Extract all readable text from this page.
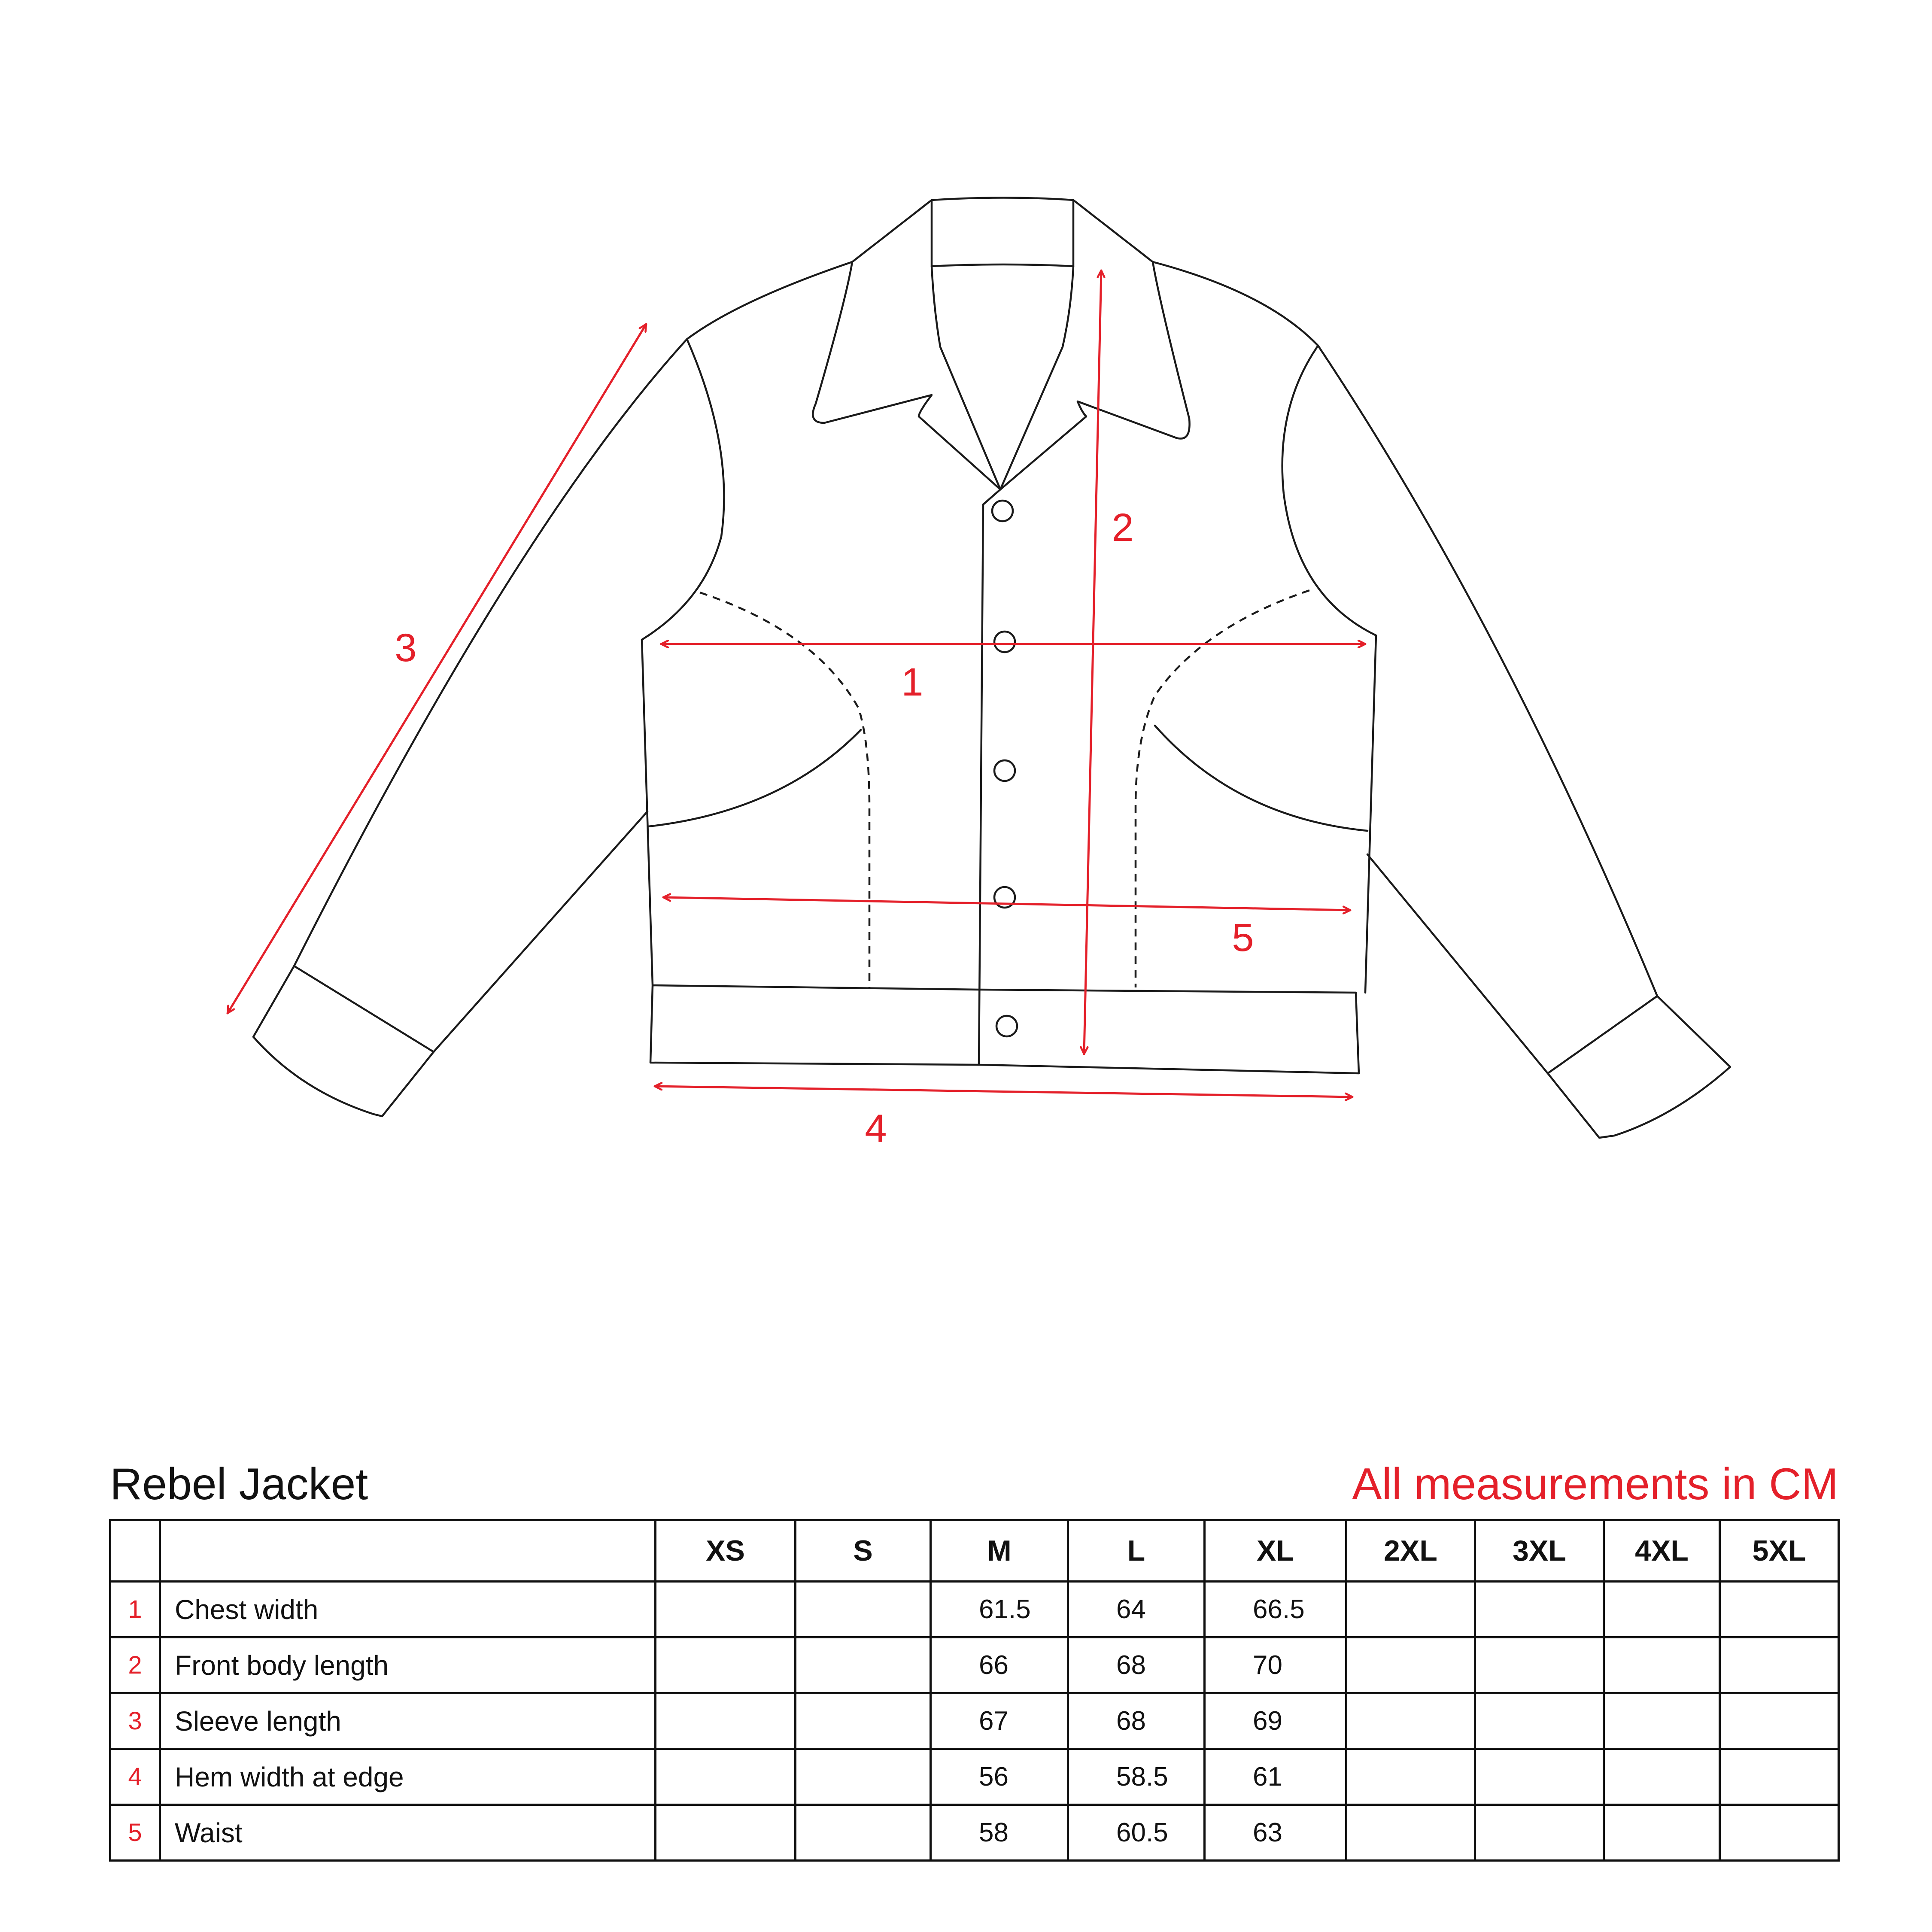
1
2
3
4
5
Rebel Jacket	All measurements in CM
		XS	S	M	L	XL	2XL	3XL	4XL	5XL
1	Chest width			61.5	64	66.5				
2	Front body length			66	68	70				
3	Sleeve length			67	68	69				
4	Hem width at edge			56	58.5	61				
5	Waist			58	60.5	63				
